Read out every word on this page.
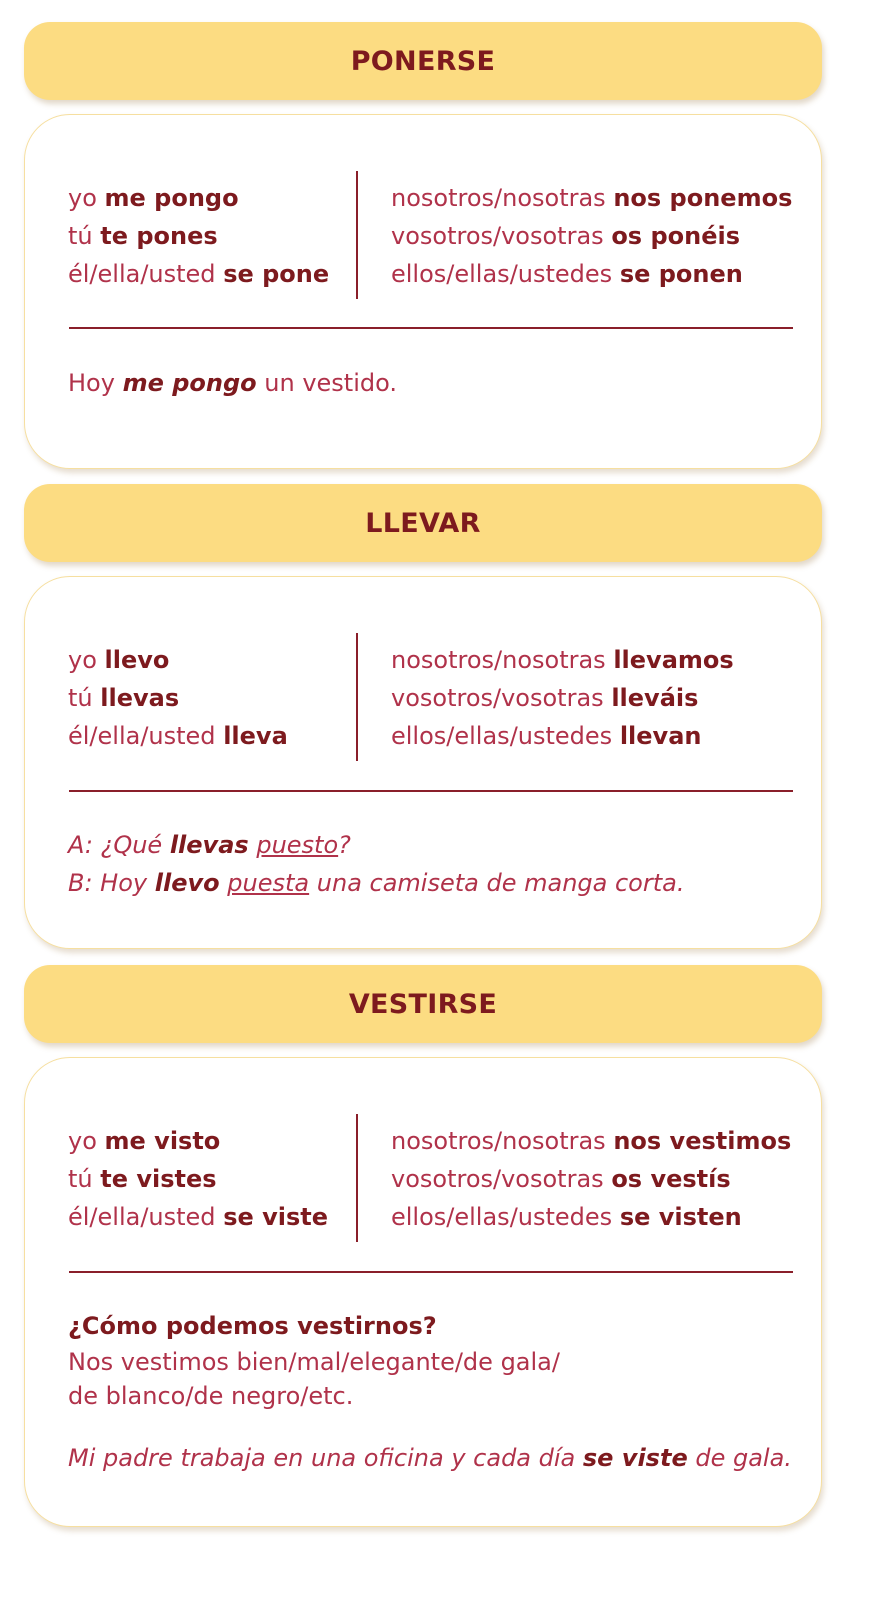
PONERSE
yo me pongo
tú te pones
él/ella/usted se pone
nosotros/nosotras nos ponemos
vosotros/vosotras os ponéis
ellos/ellas/ustedes se ponen
Hoy me pongo un vestido.
LLEVAR
yo llevo
tú llevas
él/ella/usted lleva
nosotros/nosotras llevamos
vosotros/vosotras lleváis
ellos/ellas/ustedes llevan
A: ¿Qué llevas puesto?
B: Hoy llevo puesta una camiseta de manga corta.
VESTIRSE
yo me visto
tú te vistes
él/ella/usted se viste
nosotros/nosotras nos vestimos
vosotros/vosotras os vestís
ellos/ellas/ustedes se visten
¿Cómo podemos vestirnos?
Nos vestimos bien/mal/elegante/de gala/
de blanco/de negro/etc.
Mi padre trabaja en una oficina y cada día se viste de gala.
